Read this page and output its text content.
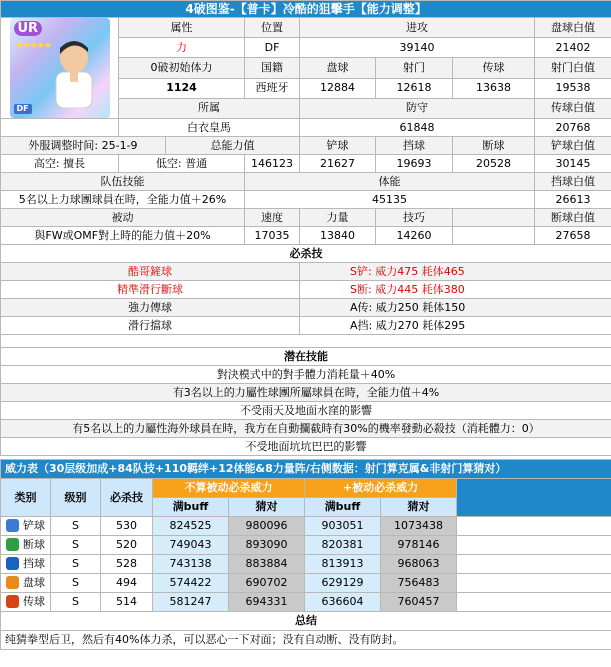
4破图鉴-【普卡】冷酷的狙擊手【能力调整】							

UR
★★★★★
DF	属性		位置	进攻			盘球白值
	力		DF	39140			21402
	0破初始体力		国籍	盘球	射门	传球	射门白值
	1124		西班牙	12884	12618	13638	19538
	所属			防守			传球白值
	白衣皇馬			61848			20768
外服调整时间: 25-1-9		总能力值		铲球	挡球	断球	铲球白值
高空: 擅長	低空: 普通		146123	21627	19693	20528	30145
队伍技能			体能				挡球白值
5名以上力球團球員在時，全能力值＋26%			45135				26613
被动			速度	力量	技巧		断球白值
與FW或OMF對上時的能力值＋20%			17035	13840	14260		27658
必杀技							
酷哥鏟球				S铲: 威力475 耗体465			
精準滑行斷球				S断: 威力445 耗体380			
強力傳球				A传: 威力250 耗体150			
滑行擋球				A挡: 威力270 耗体295			

潜在技能							
對決模式中的對手體力消耗量＋40%							
有3名以上的力屬性球團所屬球員在時，全能力值＋4%							
不受雨天及地面水窪的影響							
有5名以上的力屬性海外球員在時，我方在自動攔截時有30%的機率發動必殺技（消耗體力：0）							
不受地面坑坑巴巴的影響							
威力表（30层级加成+84队技+110羁绊+12体能&8力量阵/右侧数据：射门算克属&非射门算猜对）							
类别	级别	必杀技	不算被动必杀威力		+被动必杀威力		
			满buff	猜对	满buff	猜对	
铲球	S	530	824525	980096	903051	1073438	
断球	S	520	749043	893090	820381	978146	
挡球	S	528	743138	883884	813913	968063	
盘球	S	494	574422	690702	629129	756483	
传球	S	514	581247	694331	636604	760457	
总结							
纯猜拳型后卫，然后有40%体力杀，可以恶心一下对面；没有自动断、没有防封。							
